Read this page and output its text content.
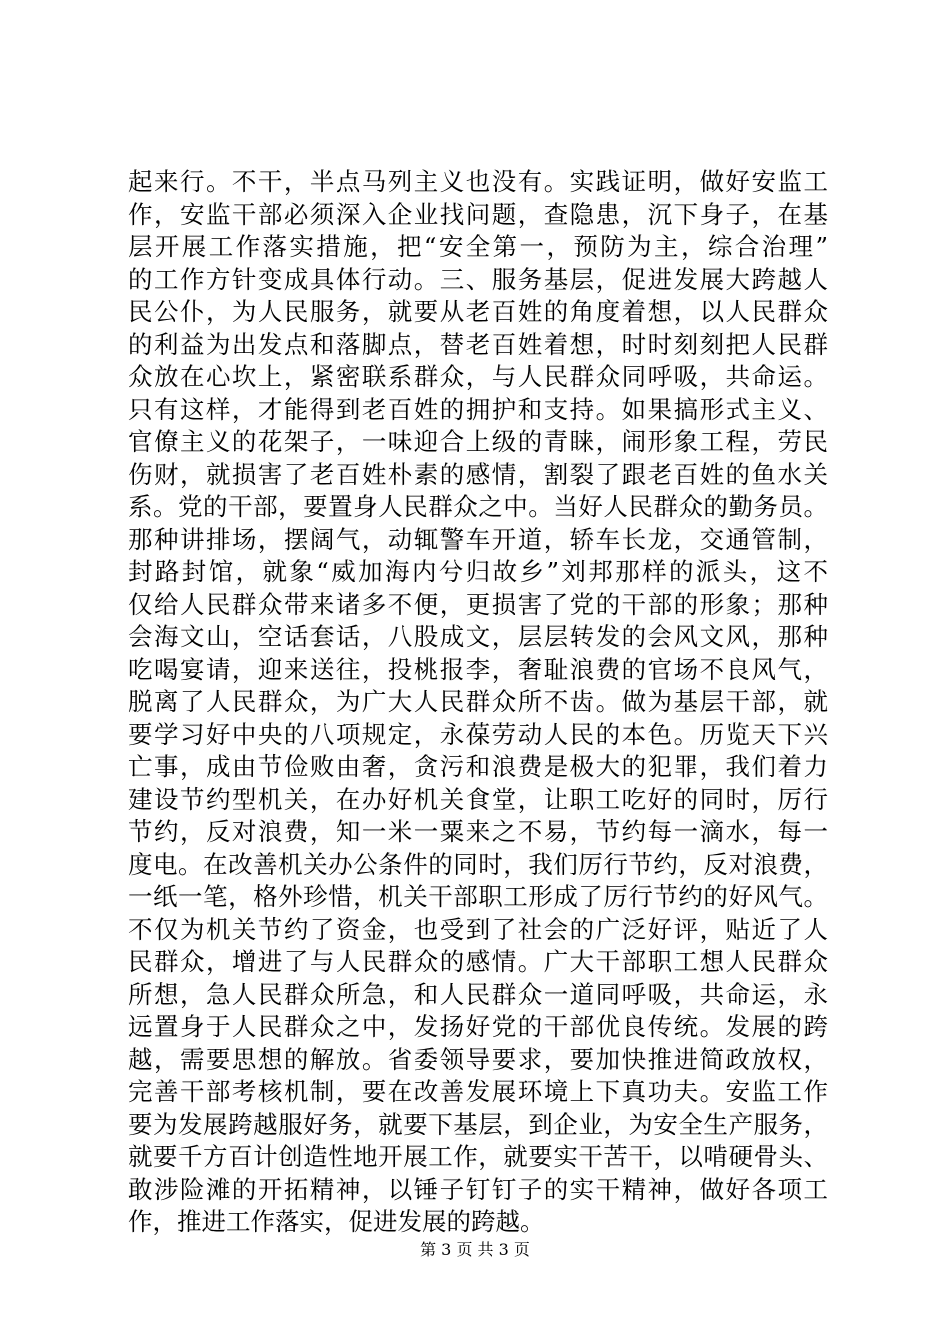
起来行。不干，半点马列主义也没有。实践证明，做好安监工
作，安监干部必须深入企业找问题，查隐患，沉下身子，在基
层开展工作落实措施，把“安全第一，预防为主，综合治理”
的工作方针变成具体行动。三、服务基层，促进发展大跨越人
民公仆，为人民服务，就要从老百姓的角度着想，以人民群众
的利益为出发点和落脚点，替老百姓着想，时时刻刻把人民群
众放在心坎上，紧密联系群众，与人民群众同呼吸，共命运。
只有这样，才能得到老百姓的拥护和支持。如果搞形式主义、
官僚主义的花架子，一味迎合上级的青睐，闹形象工程，劳民
伤财，就损害了老百姓朴素的感情，割裂了跟老百姓的鱼水关
系。党的干部，要置身人民群众之中。当好人民群众的勤务员。
那种讲排场，摆阔气，动辄警车开道，轿车长龙，交通管制，
封路封馆，就象“威加海内兮归故乡”刘邦那样的派头，这不
仅给人民群众带来诸多不便，更损害了党的干部的形象；那种
会海文山，空话套话，八股成文，层层转发的会风文风，那种
吃喝宴请，迎来送往，投桃报李，奢耻浪费的官场不良风气，
脱离了人民群众，为广大人民群众所不齿。做为基层干部，就
要学习好中央的八项规定，永葆劳动人民的本色。历览天下兴
亡事，成由节俭败由奢，贪污和浪费是极大的犯罪，我们着力
建设节约型机关，在办好机关食堂，让职工吃好的同时，厉行
节约，反对浪费，知一米一粟来之不易，节约每一滴水，每一
度电。在改善机关办公条件的同时，我们厉行节约，反对浪费，
一纸一笔，格外珍惜，机关干部职工形成了厉行节约的好风气。
不仅为机关节约了资金，也受到了社会的广泛好评，贴近了人
民群众，增进了与人民群众的感情。广大干部职工想人民群众
所想，急人民群众所急，和人民群众一道同呼吸，共命运，永
远置身于人民群众之中，发扬好党的干部优良传统。发展的跨
越，需要思想的解放。省委领导要求，要加快推进简政放权，
完善干部考核机制，要在改善发展环境上下真功夫。安监工作
要为发展跨越服好务，就要下基层，到企业，为安全生产服务，
就要千方百计创造性地开展工作，就要实干苦干，以啃硬骨头、
敢涉险滩的开拓精神，以锤子钉钉子的实干精神，做好各项工
作，推进工作落实，促进发展的跨越。
第 3 页 共 3 页
